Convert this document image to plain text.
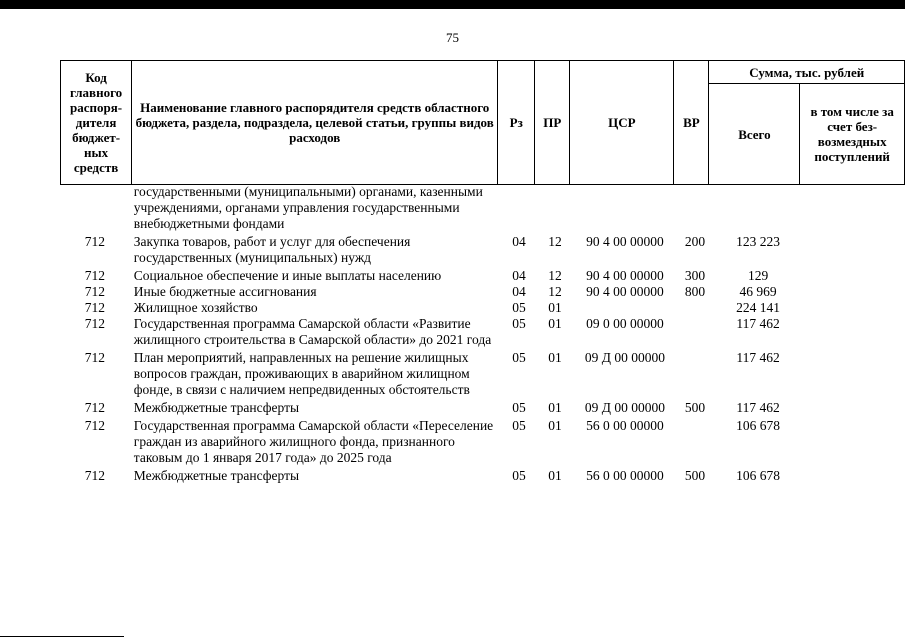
75
Код главного распоря-дителя бюджет-ных средств	Наименование главного распорядителя средств областного бюджета, раздела, подраздела, целевой статьи, группы видов расходов	Рз	ПР	ЦСР	ВР	Сумма, тыс. рублей	
						Всего	в том числе за счет без-возмездных поступлений
	государственными (муниципальными) органами, казенными учреждениями, органами управления государственными внебюджетными фондами						
712	Закупка товаров, работ и услуг для обеспечения государственных (муниципальных) нужд	04	12	90 4 00 00000	200	123 223	
712	Социальное обеспечение и иные выплаты населению	04	12	90 4 00 00000	300	129	
712	Иные бюджетные ассигнования	04	12	90 4 00 00000	800	46 969	
712	Жилищное хозяйство	05	01			224 141	
712	Государственная программа Самарской области «Развитие жилищного строительства в Самарской области» до 2021 года	05	01	09 0 00 00000		117 462	
712	План мероприятий, направленных на решение жилищных вопросов граждан, проживающих в аварийном жилищном фонде, в связи с наличием непредвиденных обстоятельств	05	01	09 Д 00 00000		117 462	
712	Межбюджетные трансферты	05	01	09 Д 00 00000	500	117 462	
712	Государственная программа Самарской области «Переселение граждан из аварийного жилищного фонда, признанного таковым до 1 января 2017 года» до 2025 года	05	01	56 0 00 00000		106 678	
712	Межбюджетные трансферты	05	01	56 0 00 00000	500	106 678	
